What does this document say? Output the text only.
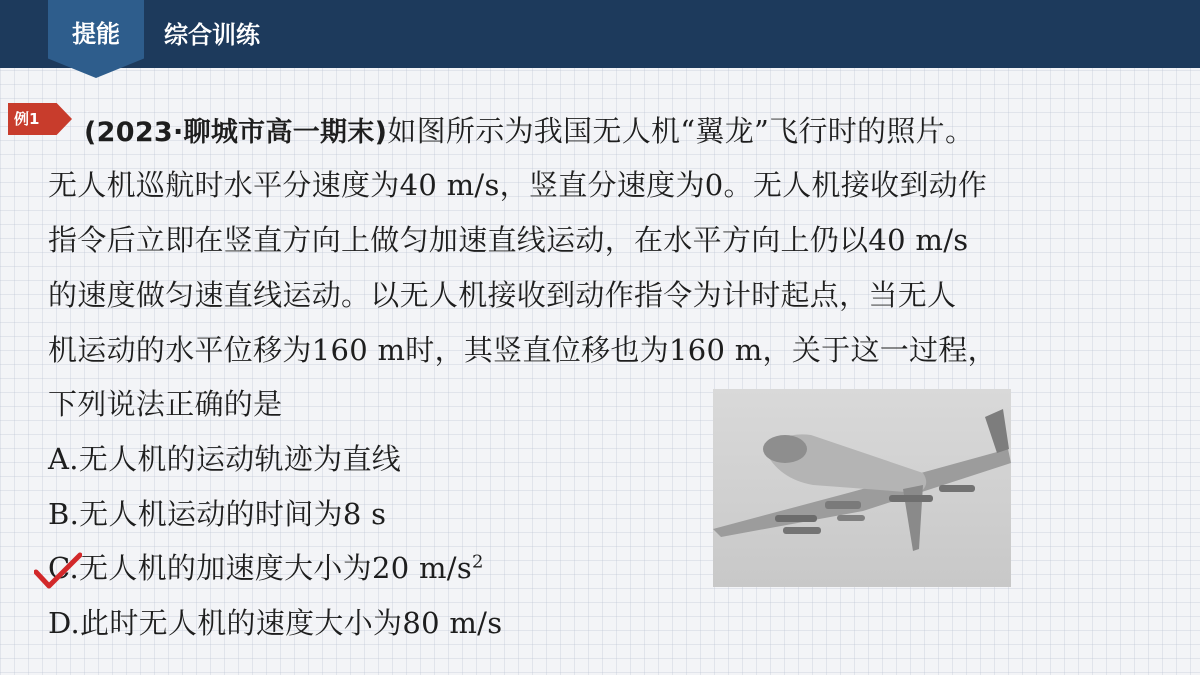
提能	综合训练
例1 (2023·聊城市高一期末)如图所示为我国无人机“翼龙”飞行时的照片。
无人机巡航时水平分速度为40 m/s，竖直分速度为0。无人机接收到动作
指令后立即在竖直方向上做匀加速直线运动，在水平方向上仍以40 m/s
的速度做匀速直线运动。以无人机接收到动作指令为计时起点，当无人
机运动的水平位移为160 m时，其竖直位移也为160 m，关于这一过程，
下列说法正确的是
A.无人机的运动轨迹为直线
B.无人机运动的时间为8 s
C.无人机的加速度大小为20 $m/s^2$
D.此时无人机的速度大小为80 m/s
